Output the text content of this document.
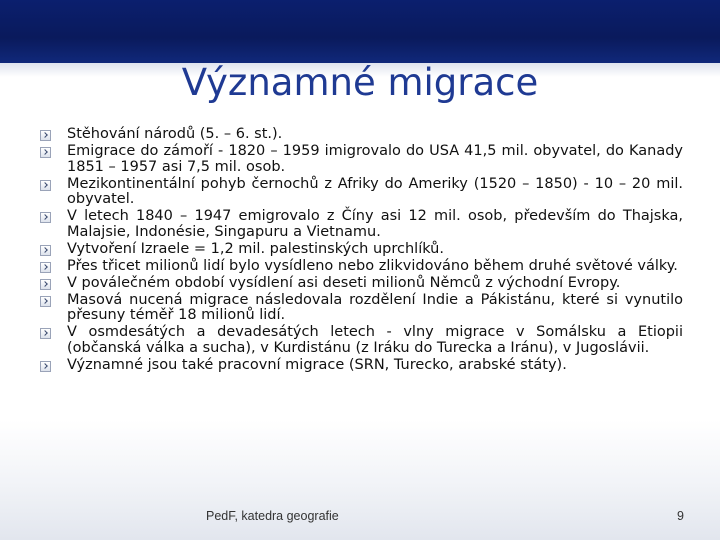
Významné migrace
Stěhování národů (5. – 6. st.).
Emigrace do zámoří - 1820 – 1959 imigrovalo do USA 41,5 mil. obyvatel, do Kanady 1851 – 1957 asi 7,5 mil. osob.
Mezikontinentální pohyb černochů z Afriky do Ameriky (1520 – 1850) - 10 – 20 mil. obyvatel.
V letech 1840 – 1947 emigrovalo z Číny asi 12 mil. osob, především do Thajska, Malajsie, Indonésie, Singapuru a Vietnamu.
Vytvoření Izraele = 1,2 mil. palestinských uprchlíků.
Přes třicet milionů lidí bylo vysídleno nebo zlikvidováno během druhé světové války.
V poválečném období vysídlení asi deseti milionů Němců z východní Evropy.
Masová nucená migrace následovala rozdělení Indie a Pákistánu, které si vynutilo přesuny téměř 18 milionů lidí.
V osmdesátých a devadesátých letech - vlny migrace v Somálsku a Etiopii (občanská válka a sucha), v Kurdistánu (z Iráku do Turecka a Iránu), v Jugoslávii.
Významné jsou také pracovní migrace (SRN, Turecko, arabské státy).
PedF, katedra geografie	9
